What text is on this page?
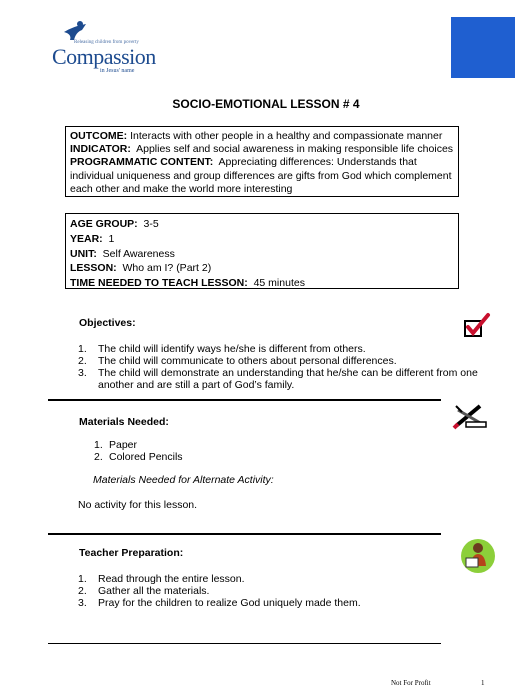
Releasing children from poverty
Compassion
in Jesus' name
SOCIO-EMOTIONAL LESSON # 4
OUTCOME: Interacts with other people in a healthy and compassionate manner
INDICATOR:  Applies self and social awareness in making responsible life choices
PROGRAMMATIC CONTENT:  Appreciating differences: Understands that
individual uniqueness and group differences are gifts from God which complement
each other and make the world more interesting
AGE GROUP:  3-5
YEAR:  1
UNIT:  Self Awareness
LESSON:  Who am I? (Part 2)
TIME NEEDED TO TEACH LESSON:  45 minutes
Objectives:
1. The child will identify ways he/she is different from others.
2. The child will communicate to others about personal differences.
3. The child will demonstrate an understanding that he/she can be different from one
another and are still a part of God’s family.
Materials Needed:
1. Paper
2. Colored Pencils
Materials Needed for Alternate Activity:
No activity for this lesson.
Teacher Preparation:
1. Read through the entire lesson.
2. Gather all the materials.
3. Pray for the children to realize God uniquely made them.
Not For Profit	1
